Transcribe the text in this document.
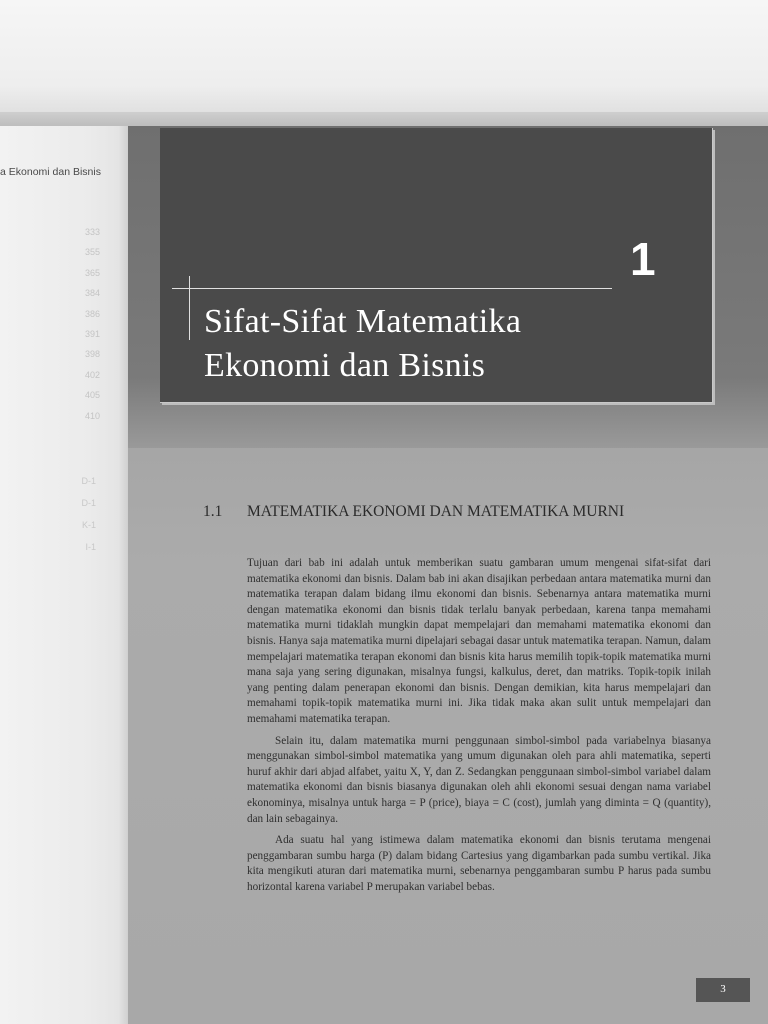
a Ekonomi dan Bisnis
333
355
365
384
386
391
398
402
405
410
D-1
D-1
K-1
I-1
1
Sifat-Sifat Matematika
Ekonomi dan Bisnis
1.1 MATEMATIKA EKONOMI DAN MATEMATIKA MURNI

Tujuan dari bab ini adalah untuk memberikan suatu gambaran umum mengenai sifat-sifat dari matematika ekonomi dan bisnis. Dalam bab ini akan disajikan perbedaan antara matematika murni dan matematika terapan dalam bidang ilmu ekonomi dan bisnis. Sebenarnya antara matematika murni dengan matematika ekonomi dan bisnis tidak terlalu banyak perbedaan, karena tanpa memahami matematika murni tidaklah mungkin dapat mempelajari dan memahami matematika ekonomi dan bisnis. Hanya saja matematika murni dipelajari sebagai dasar untuk matematika terapan. Namun, dalam mempelajari matematika terapan ekonomi dan bisnis kita harus memilih topik-topik matematika murni mana saja yang sering digunakan, misalnya fungsi, kalkulus, deret, dan matriks. Topik-topik inilah yang penting dalam penerapan ekonomi dan bisnis. Dengan demikian, kita harus mempelajari dan memahami topik-topik matematika murni ini. Jika tidak maka akan sulit untuk mempelajari dan memahami matematika terapan.

Selain itu, dalam matematika murni penggunaan simbol-simbol pada variabelnya biasanya menggunakan simbol-simbol matematika yang umum digunakan oleh para ahli matematika, seperti huruf akhir dari abjad alfabet, yaitu X, Y, dan Z. Sedangkan penggunaan simbol-simbol variabel dalam matematika ekonomi dan bisnis biasanya digunakan oleh ahli ekonomi sesuai dengan nama variabel ekonominya, misalnya untuk harga = P (price), biaya = C (cost), jumlah yang diminta = Q (quantity), dan lain sebagainya.

Ada suatu hal yang istimewa dalam matematika ekonomi dan bisnis terutama mengenai penggambaran sumbu harga (P) dalam bidang Cartesius yang digambarkan pada sumbu vertikal. Jika kita mengikuti aturan dari matematika murni, sebenarnya penggambaran sumbu P harus pada sumbu horizontal karena variabel P merupakan variabel bebas.

3
